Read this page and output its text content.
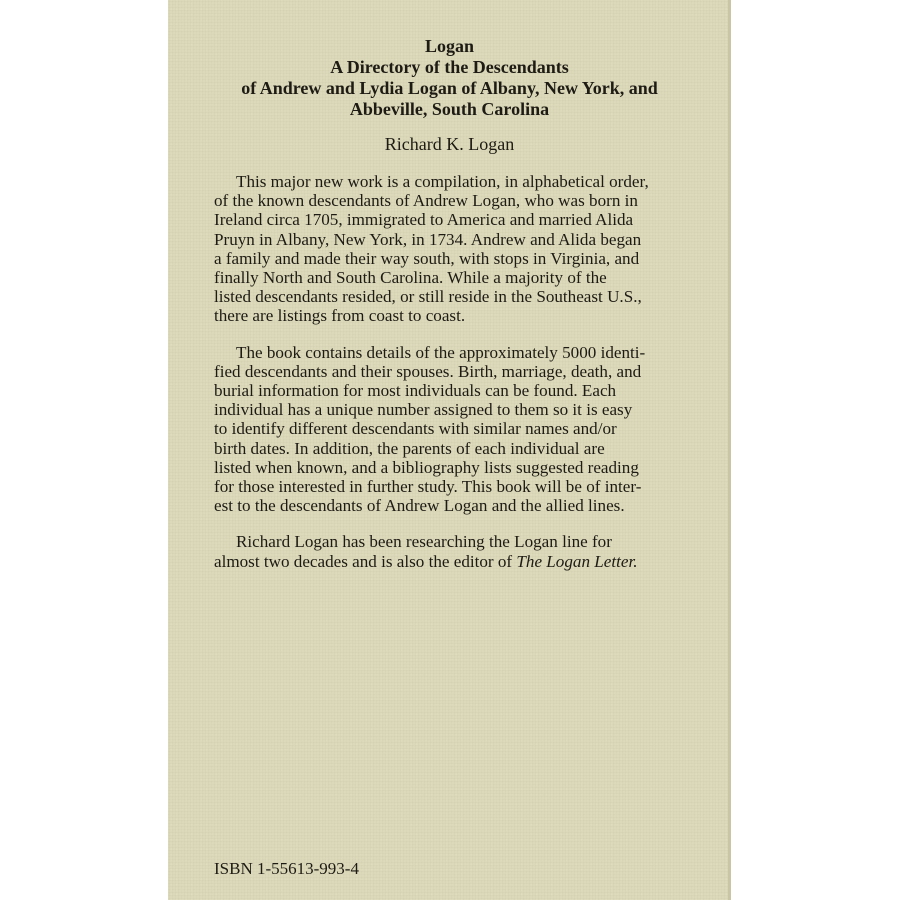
Logan
A Directory of the Descendants
of Andrew and Lydia Logan of Albany, New York, and
Abbeville, South Carolina
Richard K. Logan
This major new work is a compilation, in alphabetical order,
of the known descendants of Andrew Logan, who was born in
Ireland circa 1705, immigrated to America and married Alida
Pruyn in Albany, New York, in 1734. Andrew and Alida began
a family and made their way south, with stops in Virginia, and
finally North and South Carolina. While a majority of the
listed descendants resided, or still reside in the Southeast U.S.,
there are listings from coast to coast.
The book contains details of the approximately 5000 identi-
fied descendants and their spouses. Birth, marriage, death, and
burial information for most individuals can be found. Each
individual has a unique number assigned to them so it is easy
to identify different descendants with similar names and/or
birth dates. In addition, the parents of each individual are
listed when known, and a bibliography lists suggested reading
for those interested in further study. This book will be of inter-
est to the descendants of Andrew Logan and the allied lines.
Richard Logan has been researching the Logan line for
almost two decades and is also the editor of The Logan Letter.
ISBN 1-55613-993-4
